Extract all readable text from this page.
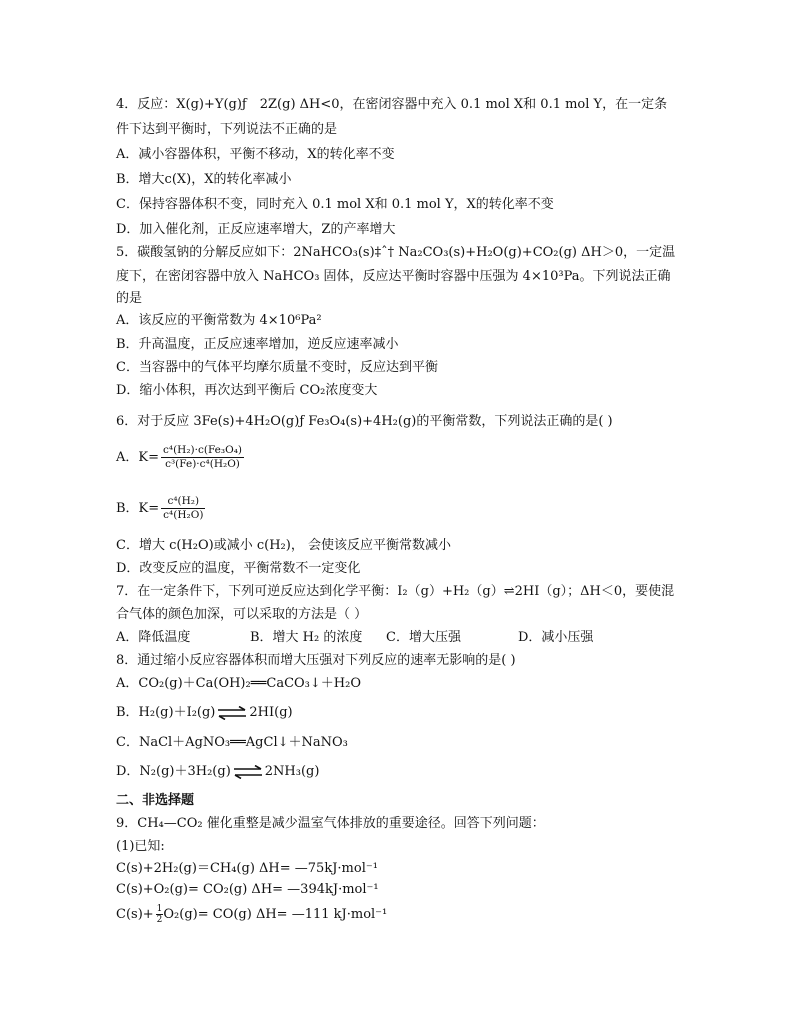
4．反应：X(g)+Y(g)ƒ　2Z(g) ΔH<0，在密闭容器中充入 0.1 mol X和 0.1 mol Y，在一定条
件下达到平衡时，下列说法不正确的是
A．减小容器体积，平衡不移动，X的转化率不变
B．增大c(X)，X的转化率减小
C．保持容器体积不变，同时充入 0.1 mol X和 0.1 mol Y，X的转化率不变
D．加入催化剂，正反应速率增大，Z的产率增大
5．碳酸氢钠的分解反应如下：2NaHCO₃(s)‡ˆ† Na₂CO₃(s)+H₂O(g)+CO₂(g) ΔH＞0，一定温
度下，在密闭容器中放入 NaHCO₃ 固体，反应达平衡时容器中压强为 4×10³Pa。下列说法正确
的是
A．该反应的平衡常数为 4×10⁶Pa²
B．升高温度，正反应速率增加，逆反应速率减小
C．当容器中的气体平均摩尔质量不变时，反应达到平衡
D．缩小体积，再次达到平衡后 CO₂浓度变大
6．对于反应 3Fe(s)+4H₂O(g)ƒ Fe₃O₄(s)+4H₂(g)的平衡常数，下列说法正确的是( )
A．$K= \frac{\text{c⁴(H₂)·c(Fe₃O₄)}}{\text{c³(Fe)·c⁴(H₂O)}}$
B．$K= \frac{\text{c⁴(H₂)}}{\text{c⁴(H₂O)}}$
C．增大 c(H₂O)或减小 c(H₂)， 会使该反应平衡常数减小
D．改变反应的温度，平衡常数不一定变化
7．在一定条件下，下列可逆反应达到化学平衡：I₂（g）+H₂（g）⇌2HI（g）；ΔH＜0，要使混
合气体的颜色加深，可以采取的方法是（ ）
A．降低温度	B．增大 H₂ 的浓度 C．增大压强	D．减小压强
8．通过缩小反应容器体积而增大压强对下列反应的速率无影响的是( )
A．CO₂(g)＋Ca(OH)₂══CaCO₃↓＋H₂O
B．H₂(g)＋I₂(g) ⇌ 2HI(g)
C．NaCl＋AgNO₃══AgCl↓＋NaNO₃
D．N₂(g)＋3H₂(g) ⇌ 2NH₃(g)
二、非选择题
9．CH₄—CO₂ 催化重整是减少温室气体排放的重要途径。回答下列问题：
(1)已知:
C(s)+2H₂(g)＝CH₄(g) ΔH= —75kJ·mol⁻¹
C(s)+O₂(g)= CO₂(g) ΔH= —394kJ·mol⁻¹
$C(s)+ \frac{1}{2} O_2(g)= CO(g)$ ΔH= —111 kJ·mol⁻¹
